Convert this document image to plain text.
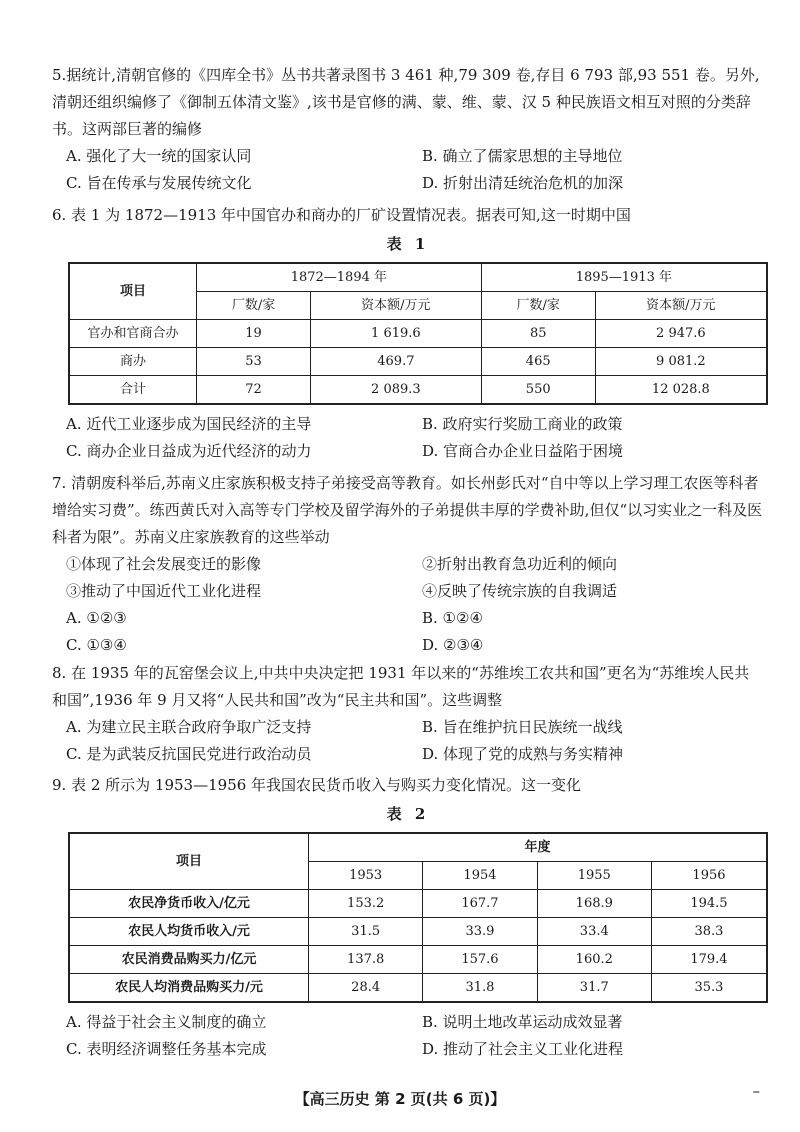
5.据统计,清朝官修的《四库全书》丛书共著录图书 3 461 种,79 309 卷,存目 6 793 部,93 551 卷。另外,清朝还组织编修了《御制五体清文鉴》,该书是官修的满、蒙、维、蒙、汉 5 种民族语文相互对照的分类辞书。这两部巨著的编修

A. 强化了大一统的国家认同	B. 确立了儒家思想的主导地位
C. 旨在传承与发展传统文化	D. 折射出清廷统治危机的加深

6. 表 1 为 1872—1913 年中国官办和商办的厂矿设置情况表。据表可知,这一时期中国

表 1
项目	1872—1894 年		1895—1913 年	
	厂数/家	资本额/万元	厂数/家	资本额/万元
官办和官商合办	19	1 619.6	85	2 947.6
商办	53	469.7	465	9 081.2
合计	72	2 089.3	550	12 028.8
A. 近代工业逐步成为国民经济的主导	B. 政府实行奖励工商业的政策
C. 商办企业日益成为近代经济的动力	D. 官商合办企业日益陷于困境

7. 清朝废科举后,苏南义庄家族积极支持子弟接受高等教育。如长州彭氏对“自中等以上学习理工农医等科者增给实习费”。练西黄氏对入高等专门学校及留学海外的子弟提供丰厚的学费补助,但仅“以习实业之一科及医科者为限”。苏南义庄家族教育的这些举动

①体现了社会发展变迁的影像	②折射出教育急功近利的倾向
③推动了中国近代工业化进程	④反映了传统宗族的自我调适
A. ①②③	B. ①②④
C. ①③④	D. ②③④

8. 在 1935 年的瓦窑堡会议上,中共中央决定把 1931 年以来的“苏维埃工农共和国”更名为“苏维埃人民共和国”,1936 年 9 月又将“人民共和国”改为“民主共和国”。这些调整

A. 为建立民主联合政府争取广泛支持	B. 旨在维护抗日民族统一战线
C. 是为武装反抗国民党进行政治动员	D. 体现了党的成熟与务实精神

9. 表 2 所示为 1953—1956 年我国农民货币收入与购买力变化情况。这一变化

表 2
项目	年度			
	1953	1954	1955	1956
农民净货币收入/亿元	153.2	167.7	168.9	194.5
农民人均货币收入/元	31.5	33.9	33.4	38.3
农民消费品购买力/亿元	137.8	157.6	160.2	179.4
农民人均消费品购买力/元	28.4	31.8	31.7	35.3
A. 得益于社会主义制度的确立	B. 说明土地改革运动成效显著
C. 表明经济调整任务基本完成	D. 推动了社会主义工业化进程
【高三历史 第 2 页(共 6 页)】	–
